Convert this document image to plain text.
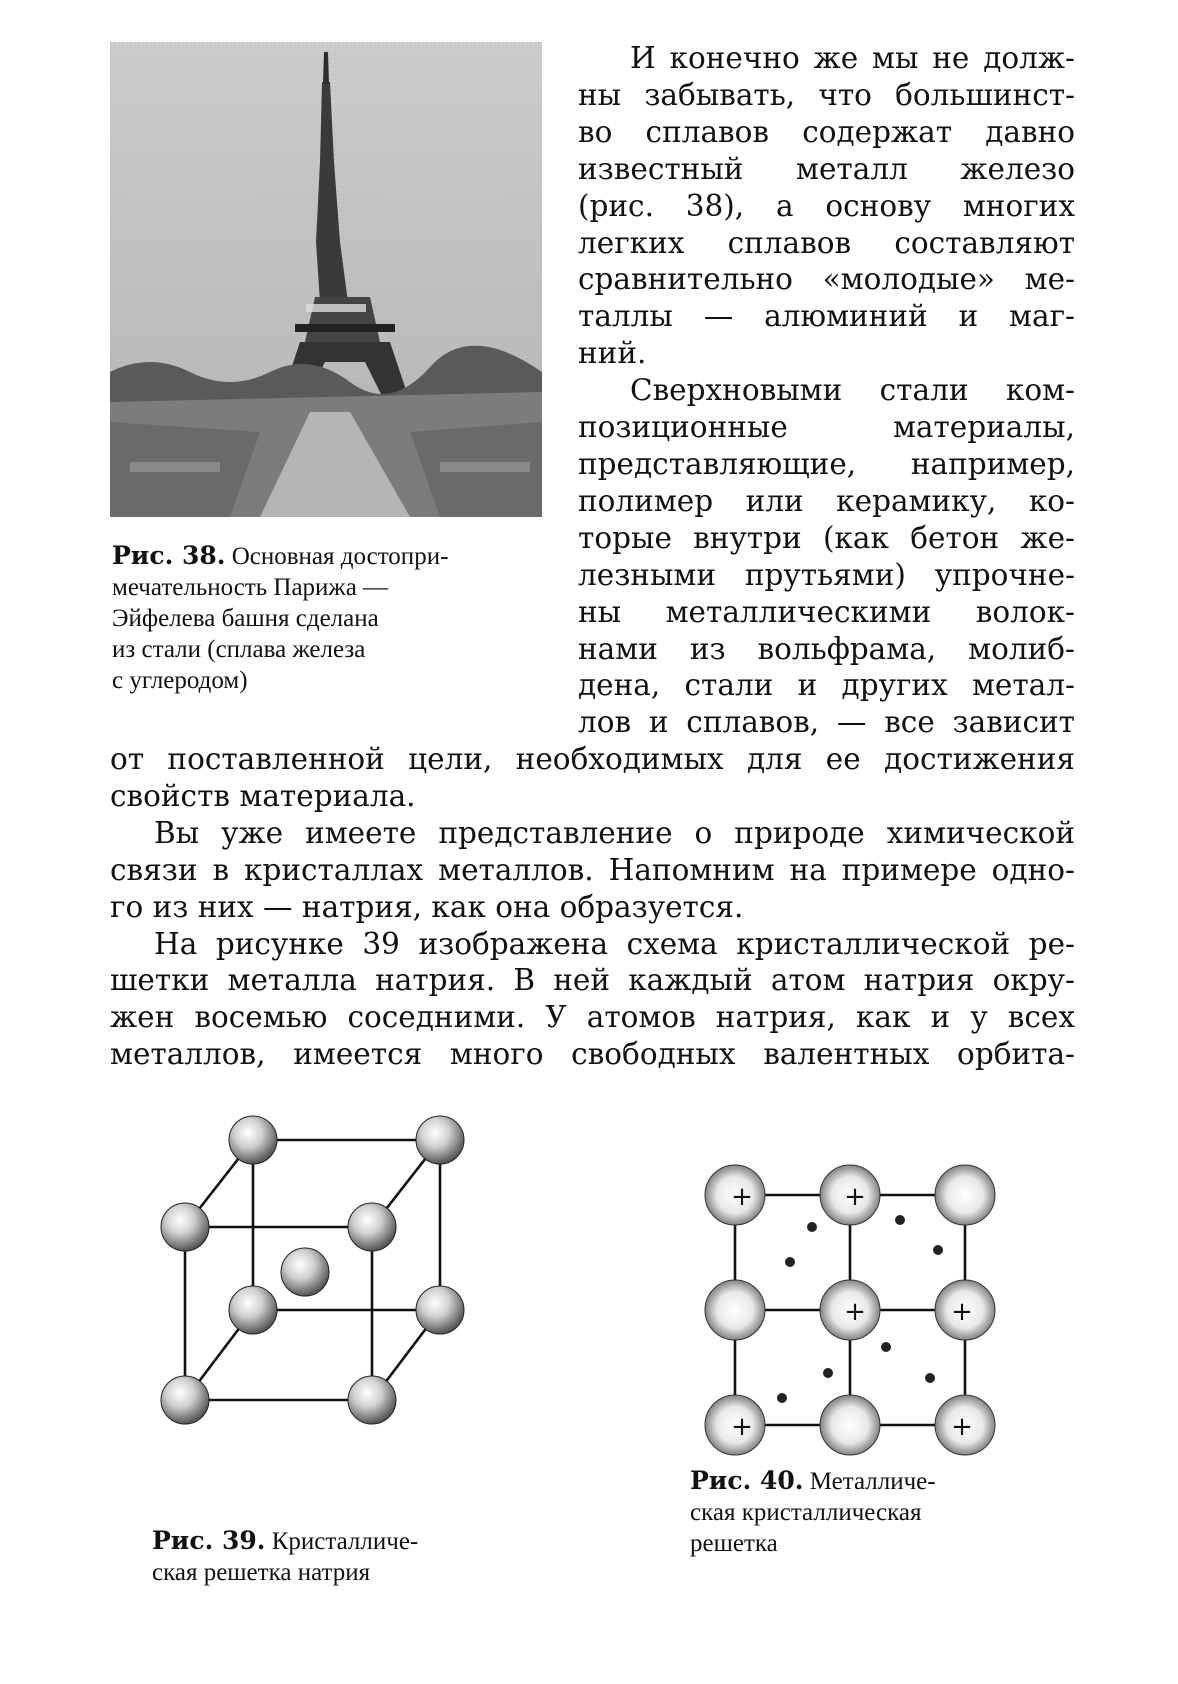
Рис. 38. Основная достопри-
мечательность Парижа —
Эйфелева башня сделана
из стали (сплава железа
с углеродом)
И конечно же мы не долж-
ны забывать, что большинст-
во сплавов содержат давно
известный металл железо
(рис. 38), а основу многих
легких сплавов составляют
сравнительно «молодые» ме-
таллы — алюминий и маг-
ний.
Сверхновыми стали ком-
позиционные материалы,
представляющие, например,
полимер или керамику, ко-
торые внутри (как бетон же-
лезными прутьями) упрочне-
ны металлическими волок-
нами из вольфрама, молиб-
дена, стали и других метал-
лов и сплавов, — все зависит
от поставленной цели, необходимых для ее достижения
свойств материала.
Вы уже имеете представление о природе химической
связи в кристаллах металлов. Напомним на примере одно-
го из них — натрия, как она образуется.
На рисунке 39 изображена схема кристаллической ре-
шетки металла натрия. В ней каждый атом натрия окру-
жен восемью соседними. У атомов натрия, как и у всех
металлов, имеется много свободных валентных орбита-
Рис. 39. Кристалличе-
ская решетка натрия
+	+
+	+
+	+
Рис. 40. Металличе-
ская кристаллическая
решетка
